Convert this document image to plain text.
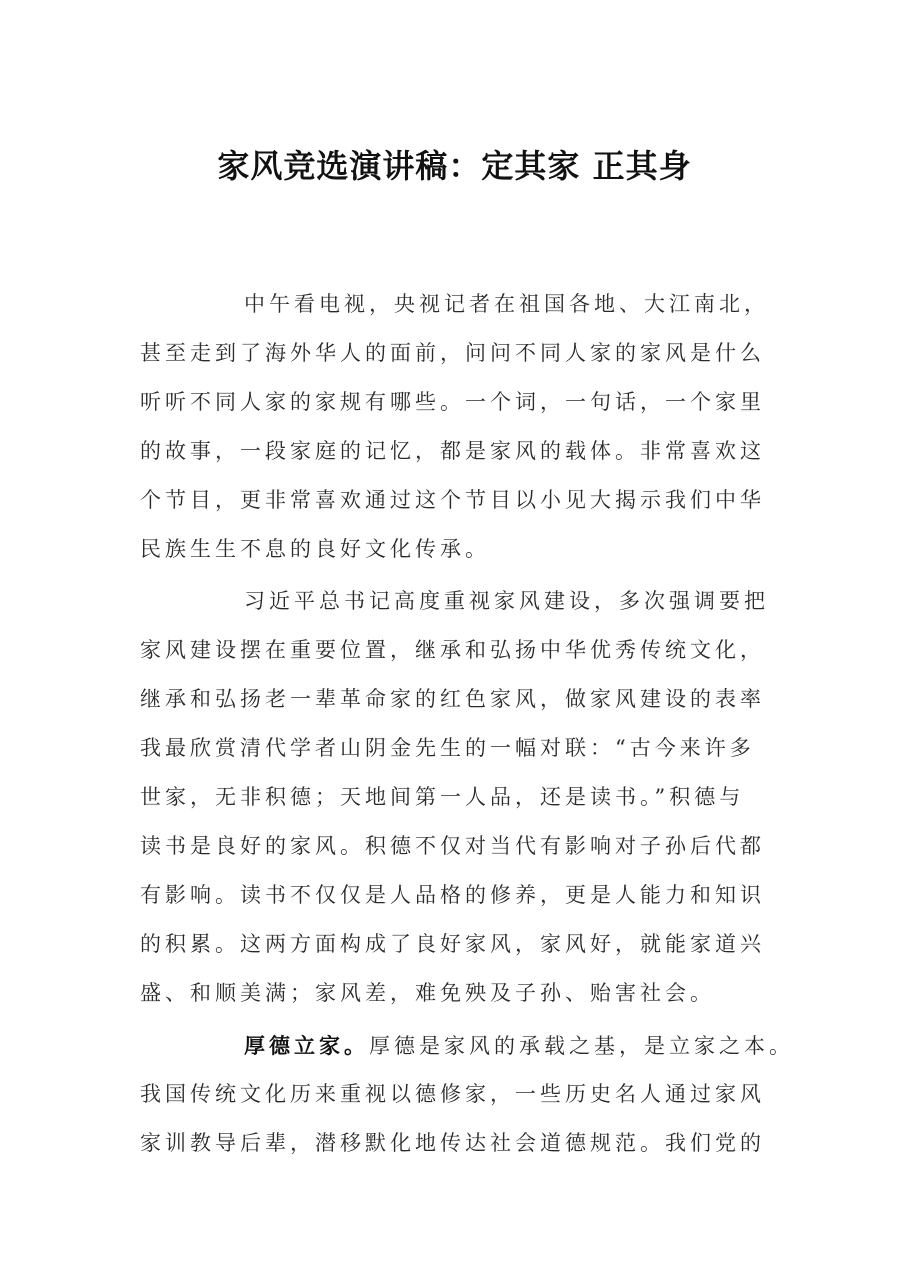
家风竞选演讲稿：定其家 正其身
中午看电视，央视记者在祖国各地、大江南北，
甚至走到了海外华人的面前，问问不同人家的家风是什么
听听不同人家的家规有哪些。一个词，一句话，一个家里
的故事，一段家庭的记忆，都是家风的载体。非常喜欢这
个节目，更非常喜欢通过这个节目以小见大揭示我们中华
民族生生不息的良好文化传承。
习近平总书记高度重视家风建设，多次强调要把
家风建设摆在重要位置，继承和弘扬中华优秀传统文化，
继承和弘扬老一辈革命家的红色家风，做家风建设的表率
我最欣赏清代学者山阴金先生的一幅对联：“古今来许多
世家，无非积德；天地间第一人品，还是读书。”积德与
读书是良好的家风。积德不仅对当代有影响对子孙后代都
有影响。读书不仅仅是人品格的修养，更是人能力和知识
的积累。这两方面构成了良好家风，家风好，就能家道兴
盛、和顺美满；家风差，难免殃及子孙、贻害社会。
厚德立家。厚德是家风的承载之基，是立家之本。
我国传统文化历来重视以德修家，一些历史名人通过家风
家训教导后辈，潜移默化地传达社会道德规范。我们党的
